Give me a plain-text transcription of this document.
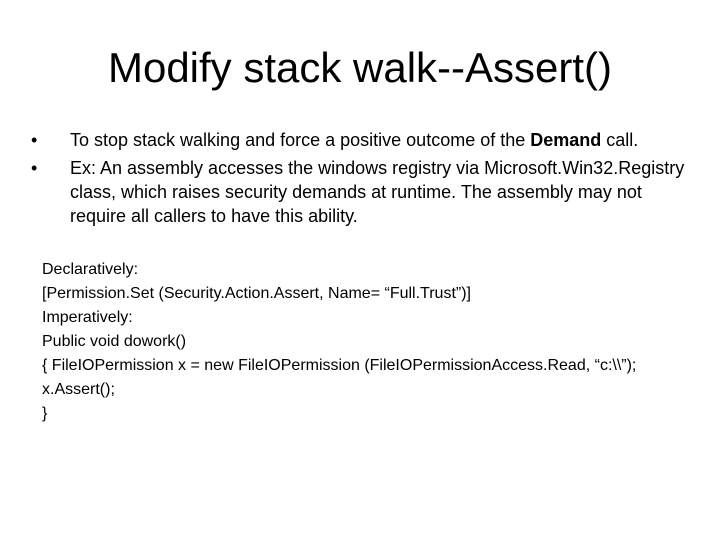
Modify stack walk--Assert()
•	To stop stack walking and force a positive outcome of the Demand call.
•	Ex: An assembly accesses the windows registry via Microsoft.Win32.Registry class, which raises security demands at runtime. The assembly may not require all callers to have this ability.

Declaratively:

[Permission.Set (Security.Action.Assert, Name= “Full.Trust”)]

Imperatively:

Public void dowork()

{ FileIOPermission x = new FileIOPermission (FileIOPermissionAccess.Read, “c:\\”);

x.Assert();

}
